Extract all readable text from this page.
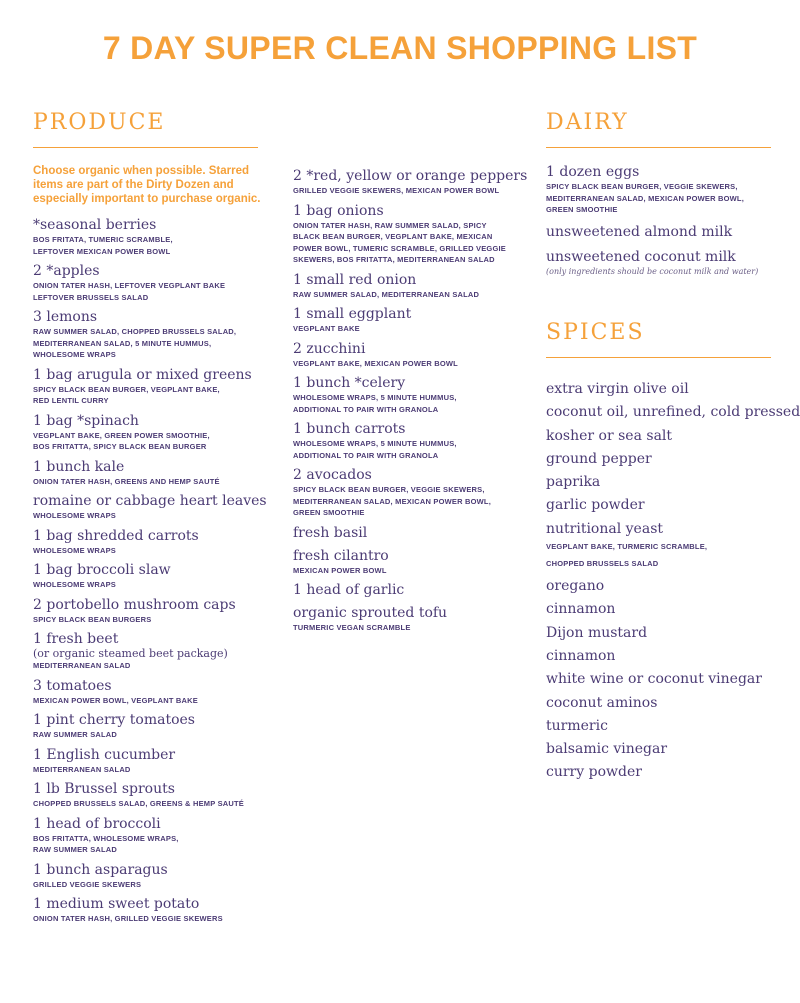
7 DAY SUPER CLEAN SHOPPING LIST
PRODUCE
Choose organic when possible. Starred items are part of the Dirty Dozen and especially important to purchase organic.
*seasonal berries
BOS FRITATA, TUMERIC SCRAMBLE,
LEFTOVER MEXICAN POWER BOWL
2 *apples
ONION TATER HASH, LEFTOVER VEGPLANT BAKE
LEFTOVER BRUSSELS SALAD
3 lemons
RAW SUMMER SALAD, CHOPPED BRUSSELS SALAD,
MEDITERRANEAN SALAD, 5 MINUTE HUMMUS,
WHOLESOME WRAPS
1 bag arugula or mixed greens
SPICY BLACK BEAN BURGER, VEGPLANT BAKE,
RED LENTIL CURRY
1 bag *spinach
VEGPLANT BAKE, GREEN POWER SMOOTHIE,
BOS FRITATTA, SPICY BLACK BEAN BURGER
1 bunch kale
ONION TATER HASH, GREENS AND HEMP SAUTÉ
romaine or cabbage heart leaves
WHOLESOME WRAPS
1 bag shredded carrots
WHOLESOME WRAPS
1 bag broccoli slaw
WHOLESOME WRAPS
2 portobello mushroom caps
SPICY BLACK BEAN BURGERS
1 fresh beet
(or organic steamed beet package)
MEDITERRANEAN SALAD
3 tomatoes
MEXICAN POWER BOWL, VEGPLANT BAKE
1 pint cherry tomatoes
RAW SUMMER SALAD
1 English cucumber
MEDITERRANEAN SALAD
1 lb Brussel sprouts
CHOPPED BRUSSELS SALAD, GREENS & HEMP SAUTÉ
1 head of broccoli
BOS FRITATTA, WHOLESOME WRAPS,
RAW SUMMER SALAD
1 bunch asparagus
GRILLED VEGGIE SKEWERS
1 medium sweet potato
ONION TATER HASH, GRILLED VEGGIE SKEWERS
2 *red, yellow or orange peppers
GRILLED VEGGIE SKEWERS, MEXICAN POWER BOWL
1 bag onions
ONION TATER HASH, RAW SUMMER SALAD, SPICY
BLACK BEAN BURGER, VEGPLANT BAKE, MEXICAN
POWER BOWL, TUMERIC SCRAMBLE, GRILLED VEGGIE
SKEWERS, BOS FRITATTA, MEDITERRANEAN SALAD
1 small red onion
RAW SUMMER SALAD, MEDITERRANEAN SALAD
1 small eggplant
VEGPLANT BAKE
2 zucchini
VEGPLANT BAKE, MEXICAN POWER BOWL
1 bunch *celery
WHOLESOME WRAPS, 5 MINUTE HUMMUS,
ADDITIONAL TO PAIR WITH GRANOLA
1 bunch carrots
WHOLESOME WRAPS, 5 MINUTE HUMMUS,
ADDITIONAL TO PAIR WITH GRANOLA
2 avocados
SPICY BLACK BEAN BURGER, VEGGIE SKEWERS,
MEDITERRANEAN SALAD, MEXICAN POWER BOWL,
GREEN SMOOTHIE
fresh basil
fresh cilantro
MEXICAN POWER BOWL
1 head of garlic
organic sprouted tofu
TURMERIC VEGAN SCRAMBLE
DAIRY
1 dozen eggs
SPICY BLACK BEAN BURGER, VEGGIE SKEWERS,
MEDITERRANEAN SALAD, MEXICAN POWER BOWL,
GREEN SMOOTHIE
unsweetened almond milk
unsweetened coconut milk
(only ingredients should be coconut milk and water)
SPICES
extra virgin olive oil
coconut oil, unrefined, cold pressed
kosher or sea salt
ground pepper
paprika
garlic powder
nutritional yeast
VEGPLANT BAKE, TURMERIC SCRAMBLE,
CHOPPED BRUSSELS SALAD
oregano
cinnamon
Dijon mustard
cinnamon
white wine or coconut vinegar
coconut aminos
turmeric
balsamic vinegar
curry powder
